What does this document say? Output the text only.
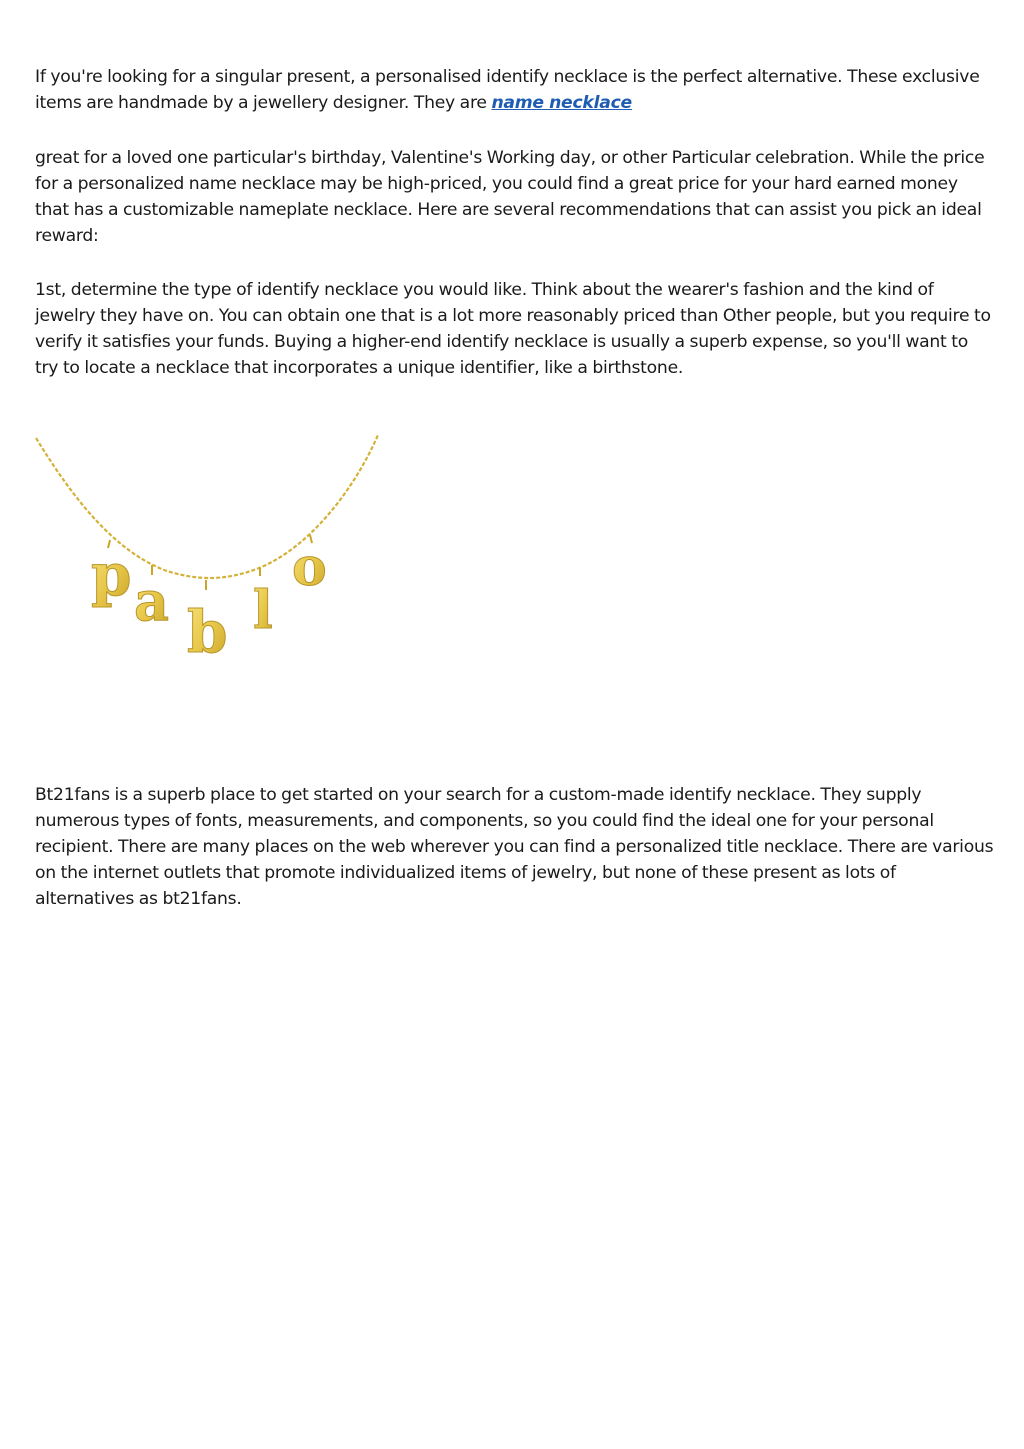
If you're looking for a singular present, a personalised identify necklace is the perfect alternative. These exclusive items are handmade by a jewellery designer. They are name necklace

great for a loved one particular's birthday, Valentine's Working day, or other Particular celebration. While the price for a personalized name necklace may be high-priced, you could find a great price for your hard earned money that has a customizable nameplate necklace. Here are several recommendations that can assist you pick an ideal reward:

1st, determine the type of identify necklace you would like. Think about the wearer's fashion and the kind of jewelry they have on. You can obtain one that is a lot more reasonably priced than Other people, but you require to verify it satisfies your funds. Buying a higher-end identify necklace is usually a superb expense, so you'll want to try to locate a necklace that incorporates a unique identifier, like a birthstone.

p a b l
o

Bt21fans is a superb place to get started on your search for a custom-made identify necklace. They supply numerous types of fonts, measurements, and components, so you could find the ideal one for your personal recipient. There are many places on the web wherever you can find a personalized title necklace. There are various on the internet outlets that promote individualized items of jewelry, but none of these present as lots of alternatives as bt21fans.
